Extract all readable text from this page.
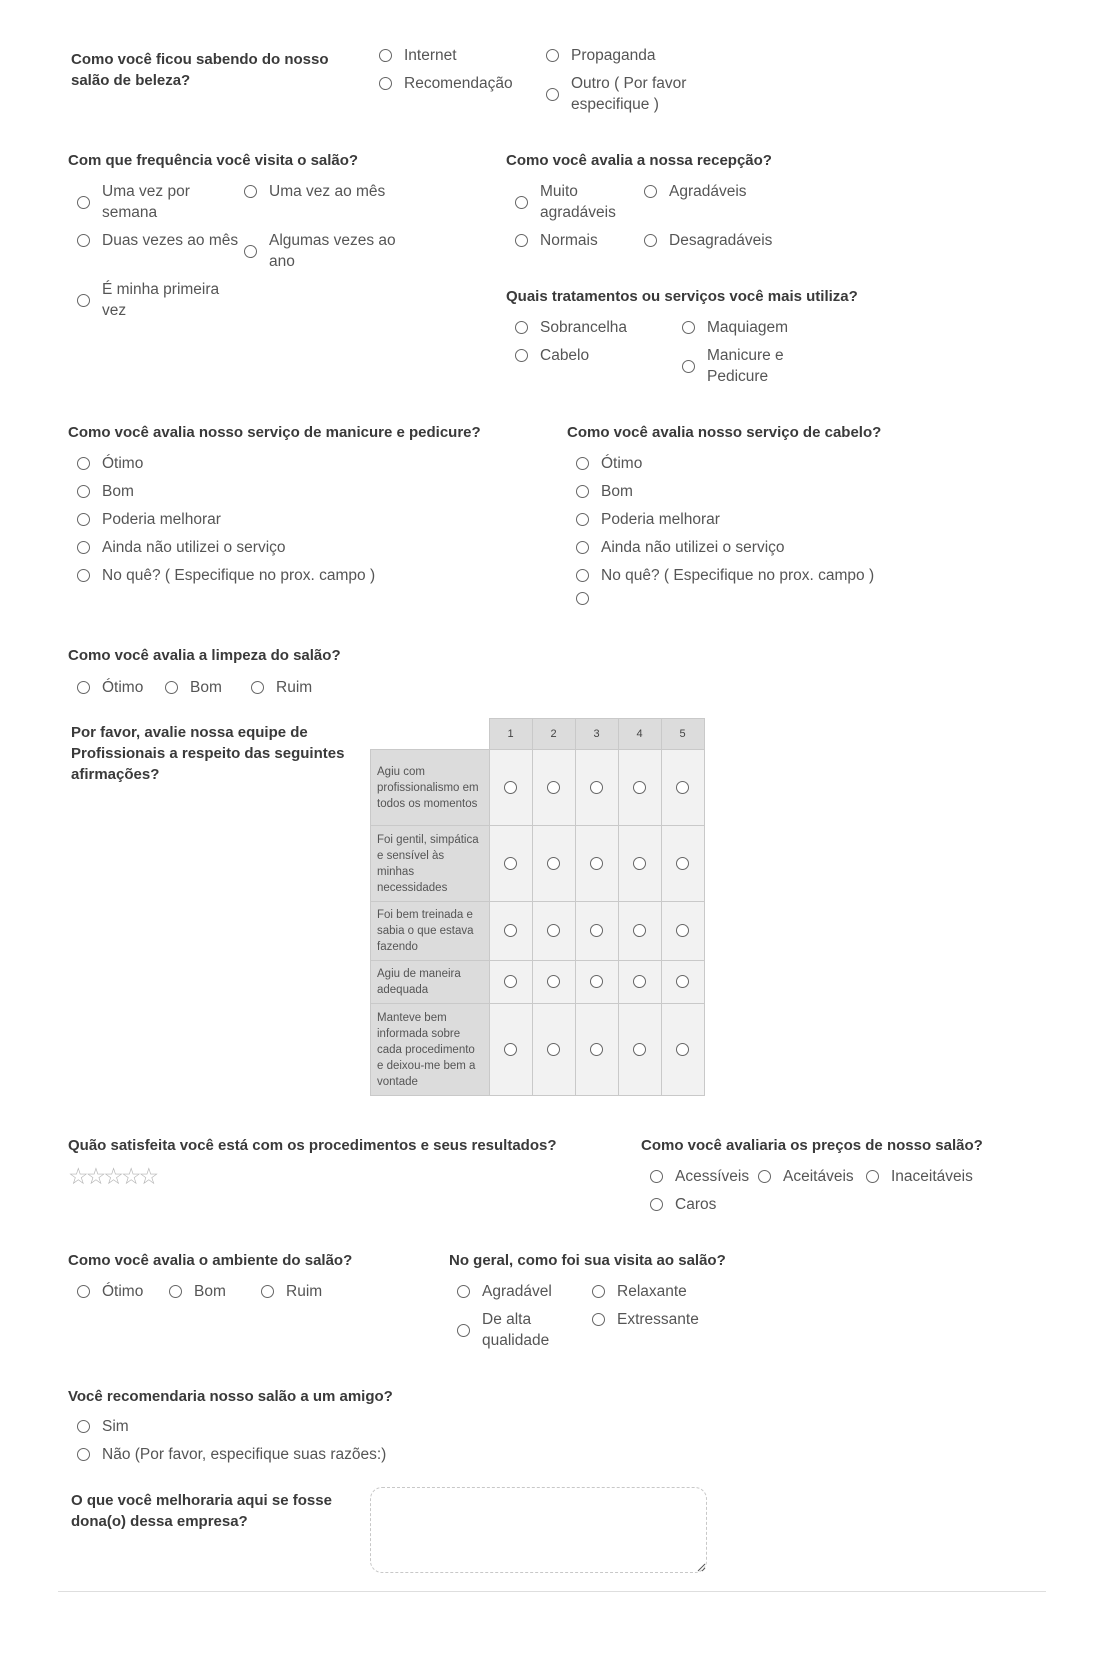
Como você ficou sabendo do nosso salão de beleza?

Internet	Propaganda
Recomendação	Outro ( Por favor especifique )

Com que frequência você visita o salão?

Uma vez por semana
Uma vez ao mês
Duas vezes ao mês	Algumas vezes ao ano
É minha primeira vez

Como você avalia a nossa recepção?

Muito agradáveis
Agradáveis
Normais	Desagradáveis

Quais tratamentos ou serviços você mais utiliza?

Sobrancelha	Maquiagem
Cabelo	Manicure e Pedicure

Como você avalia nosso serviço de manicure e pedicure?

Ótimo
Bom
Poderia melhorar
Ainda não utilizei o serviço
No quê? ( Especifique no prox. campo )

Como você avalia nosso serviço de cabelo?

Ótimo
Bom
Poderia melhorar
Ainda não utilizei o serviço
No quê? ( Especifique no prox. campo )

Como você avalia a limpeza do salão?

Ótimo	Bom	Ruim

Por favor, avalie nossa equipe de Profissionais a respeito das seguintes afirmações?

	1	2	3	4	5
Agiu com profissionalismo em todos os momentos					
Foi gentil, simpática e sensível às minhas necessidades					
Foi bem treinada e sabia o que estava fazendo					
Agiu de maneira adequada					
Manteve bem informada sobre cada procedimento e deixou-me bem a vontade					

Quão satisfeita você está com os procedimentos e seus resultados?

☆ ☆ ☆ ☆ ☆

Como você avaliaria os preços de nosso salão?

Acessíveis	Aceitáveis	Inaceitáveis
Caros

Como você avalia o ambiente do salão?

Ótimo	Bom	Ruim

No geral, como foi sua visita ao salão?

Agradável	Relaxante
De alta qualidade
Extressante

Você recomendaria nosso salão a um amigo?

Sim
Não (Por favor, especifique suas razões:)

O que você melhoraria aqui se fosse dona(o) dessa empresa?
